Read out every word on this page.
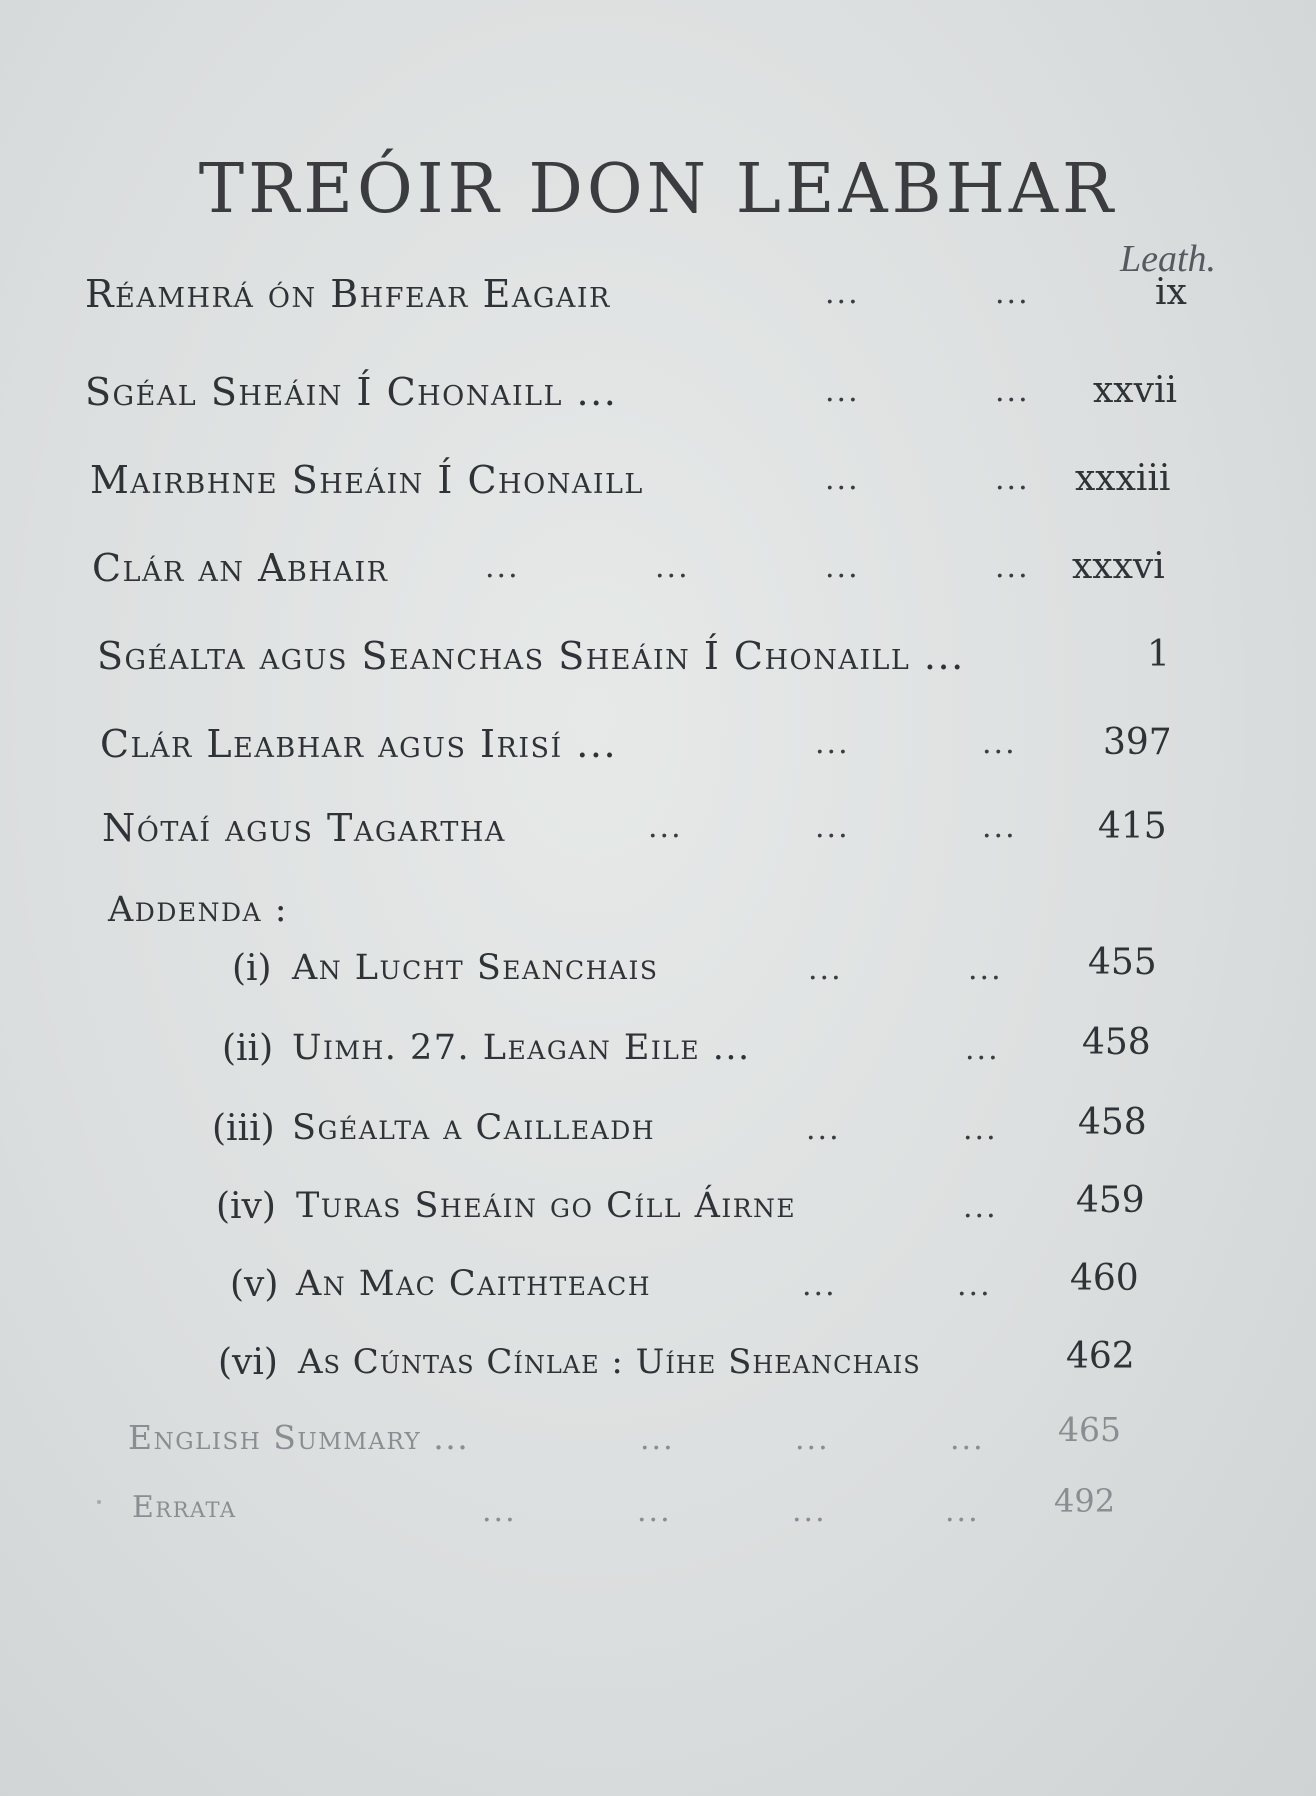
TREÓIR DON LEABHAR
Leath.
Réamhrá ón Bhfear Eagair	...	...	ix
Sgéal Sheáin Í Chonaill ...	...	... xxvii
Mairbhne Sheáin Í Chonaill	...	... xxxiii
Clár an Abhair	...	...	...	... xxxvi
Sgéalta agus Seanchas Sheáin Í Chonaill ...	1
Clár Leabhar agus Irisí ...	...	... 397
Nótaí agus Tagartha	...	...	... 415
Addenda :
(i) An Lucht Seanchais	...	... 455
(ii) Uimh. 27. Leagan Eile ...	... 458
(iii) Sgéalta a Cailleadh	...	... 458
(iv) Turas Sheáin go Cíll Áirne	... 459
(v) An Mac Caithteach	...	... 460
(vi) As Cúntas Cínlae : Uíhe Sheanchais	462
English Summary ...	...	...	... 465
Errata	...	...	...	... 492
